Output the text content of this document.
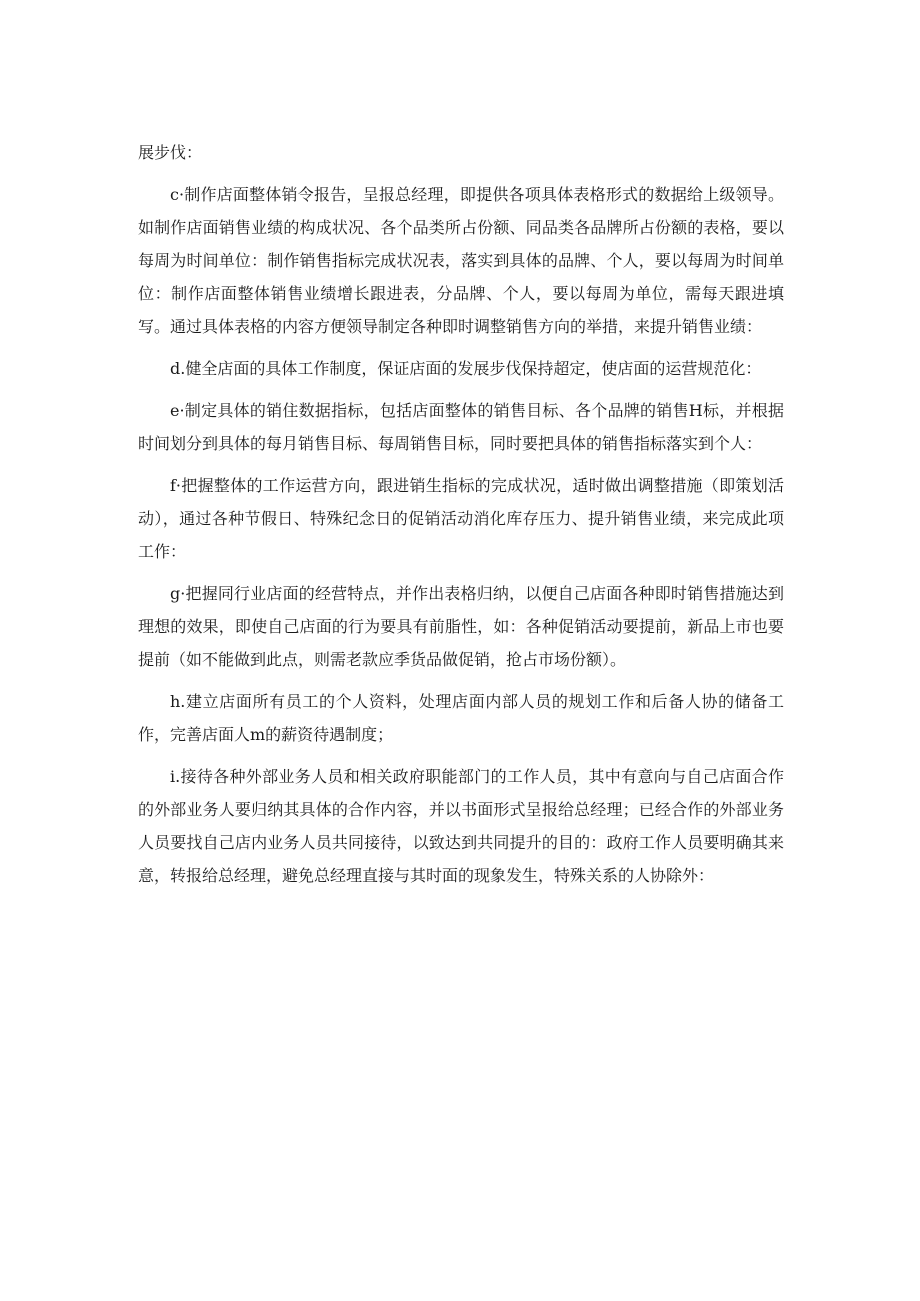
展步伐：

c·制作店面整体销令报告，呈报总经理，即提供各项具体表格形式的数据给上级领导。如制作店面销售业绩的构成状况、各个品类所占份额、同品类各品牌所占份额的表格，要以每周为时间单位：制作销售指标完成状况表，落实到具体的品牌、个人，要以每周为时间单位：制作店面整体销售业绩增长跟进表，分品牌、个人，要以每周为单位，需每天跟进填写。通过具体表格的内容方便领导制定各种即时调整销售方向的举措，来提升销售业绩：

d.健全店面的具体工作制度，保证店面的发展步伐保持超定，使店面的运营规范化：

e·制定具体的销住数据指标，包括店面整体的销售目标、各个品牌的销售H标，并根据时间划分到具体的每月销售目标、每周销售目标，同时要把具体的销售指标落实到个人：

f·把握整体的工作运营方向，跟进销生指标的完成状况，适时做出调整措施（即策划活动），通过各种节假日、特殊纪念日的促销活动消化库存压力、提升销售业绩，来完成此项工作：

g·把握同行业店面的经营特点，并作出表格归纳，以便自己店面各种即时销售措施达到理想的效果，即使自己店面的行为要具有前脂性，如：各种促销活动要提前，新品上市也要提前（如不能做到此点，则需老款应季货品做促销，抢占市场份额）。

h.建立店面所有员工的个人资料，处理店面内部人员的规划工作和后备人协的储备工作，完善店面人m的薪资待遇制度；

i.接待各种外部业务人员和相关政府职能部门的工作人员，其中有意向与自己店面合作的外部业务人要归纳其具体的合作内容，并以书面形式呈报给总经理；已经合作的外部业务人员要找自己店内业务人员共同接待，以致达到共同提升的目的：政府工作人员要明确其来意，转报给总经理，避免总经理直接与其时面的现象发生，特殊关系的人协除外：
